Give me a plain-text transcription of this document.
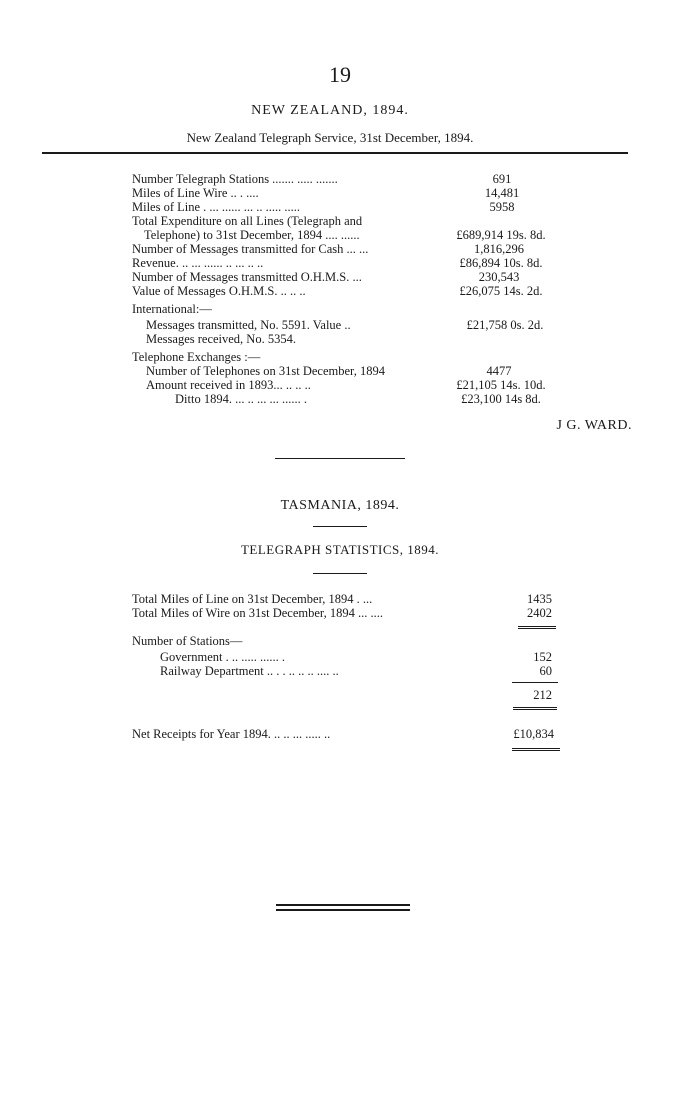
19
NEW ZEALAND, 1894.
New Zealand Telegraph Service, 31st December, 1894.
Number Telegraph Stations ....... ..... .......	691
Miles of Line Wire .. . ....	14,481
Miles of Line . ... ...... ... .. ..... .....	5958
Total Expenditure on all Lines (Telegraph and
Telephone) to 31st December, 1894 .... ......	£689,914 19s. 8d.
Number of Messages transmitted for Cash ... ...	1,816,296
Revenue. .. ... ...... .. ... .. ..	£86,894 10s. 8d.
Number of Messages transmitted O.H.M.S. ...	230,543
Value of Messages O.H.M.S. .. .. ..	£26,075 14s. 2d.
International:—
Messages transmitted, No. 5591. Value ..	£21,758 0s. 2d.
Messages received, No. 5354.
Telephone Exchanges :—
Number of Telephones on 31st December, 1894	4477
Amount received in 1893... .. .. ..	£21,105 14s. 10d.
Ditto 1894. ... .. ... ... ...... .	£23,100 14s 8d.
J G. WARD.
TASMANIA, 1894.
TELEGRAPH STATISTICS, 1894.
Total Miles of Line on 31st December, 1894 . ...	1435
Total Miles of Wire on 31st December, 1894 ... ....	2402
Number of Stations—
Government . .. ..... ...... .	152
Railway Department .. . . .. .. .. .... ..	60
212
Net Receipts for Year 1894. .. .. ... ..... ..	£10,834
